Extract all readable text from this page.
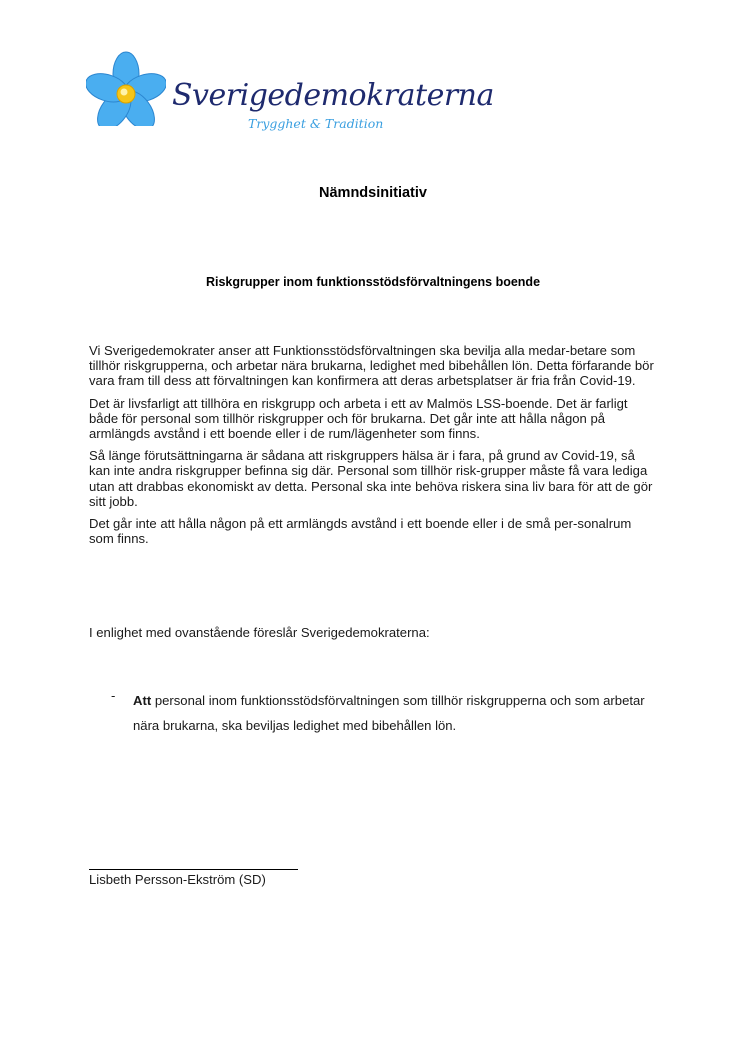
Sverigedemokraterna
Trygghet & Tradition
Nämndsinitiativ
Riskgrupper inom funktionsstödsförvaltningens boende

Vi Sverigedemokrater anser att Funktionsstödsförvaltningen ska bevilja alla medar-betare som tillhör riskgrupperna, och arbetar nära brukarna, ledighet med bibehållen lön. Detta förfarande bör vara fram till dess att förvaltningen kan konfirmera att deras arbetsplatser är fria från Covid-19.

Det är livsfarligt att tillhöra en riskgrupp och arbeta i ett av Malmös LSS-boende. Det är farligt både för personal som tillhör riskgrupper och för brukarna. Det går inte att hålla någon på armlängds avstånd i ett boende eller i de rum/lägenheter som finns.

Så länge förutsättningarna är sådana att riskgruppers hälsa är i fara, på grund av Covid-19, så kan inte andra riskgrupper befinna sig där. Personal som tillhör risk-grupper måste få vara lediga utan att drabbas ekonomiskt av detta. Personal ska inte behöva riskera sina liv bara för att de gör sitt jobb.

Det går inte att hålla någon på ett armlängds avstånd i ett boende eller i de små per-sonalrum som finns.

I enlighet med ovanstående föreslår Sverigedemokraterna:
- Att personal inom funktionsstödsförvaltningen som tillhör riskgrupperna och som arbetar nära brukarna, ska beviljas ledighet med bibehållen lön.
Lisbeth Persson-Ekström (SD)
